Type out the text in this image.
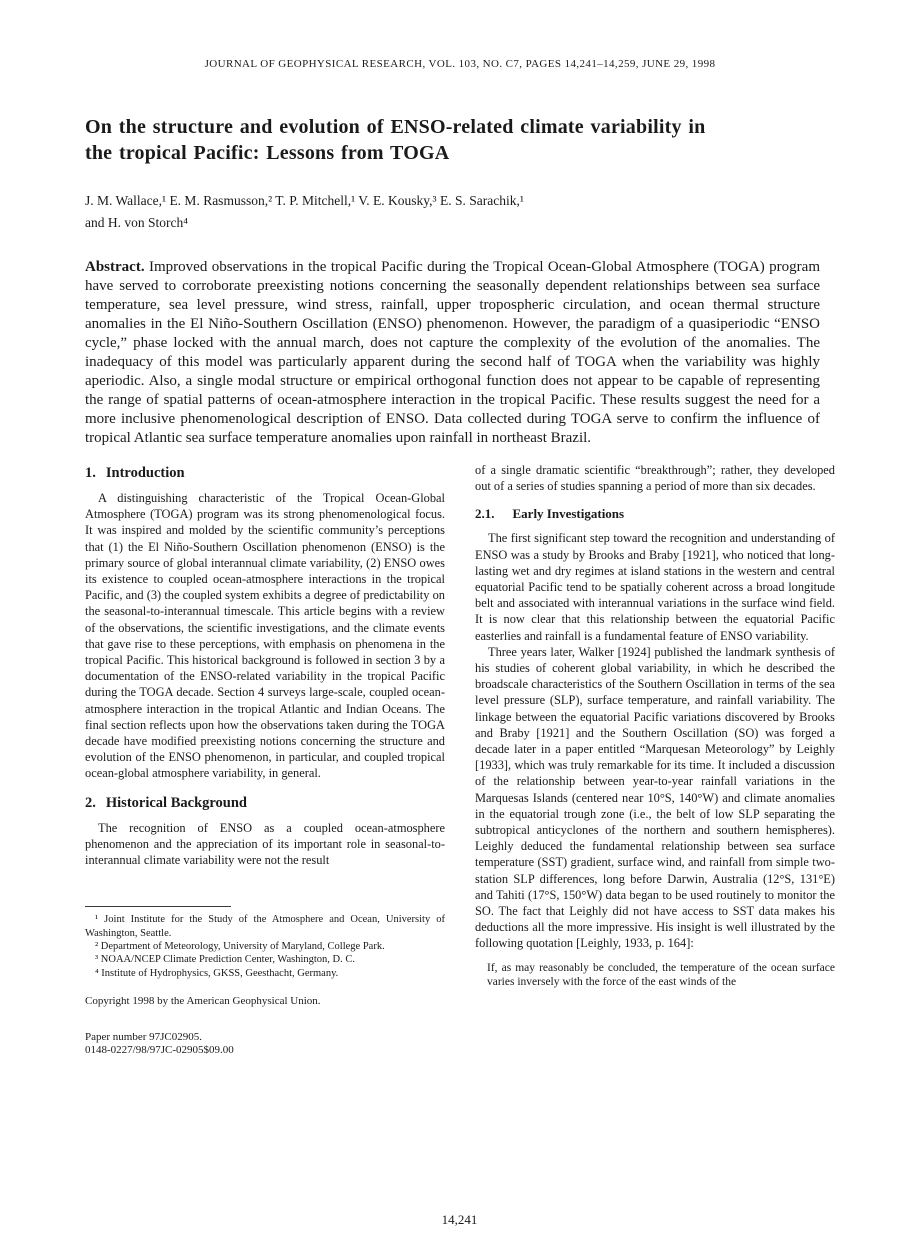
JOURNAL OF GEOPHYSICAL RESEARCH, VOL. 103, NO. C7, PAGES 14,241–14,259, JUNE 29, 1998
On the structure and evolution of ENSO-related climate variability in the tropical Pacific: Lessons from TOGA
J. M. Wallace,¹ E. M. Rasmusson,² T. P. Mitchell,¹ V. E. Kousky,³ E. S. Sarachik,¹
and H. von Storch⁴

Abstract. Improved observations in the tropical Pacific during the Tropical Ocean-Global Atmosphere (TOGA) program have served to corroborate preexisting notions concerning the seasonally dependent relationships between sea surface temperature, sea level pressure, wind stress, rainfall, upper tropospheric circulation, and ocean thermal structure anomalies in the El Niño-Southern Oscillation (ENSO) phenomenon. However, the paradigm of a quasiperiodic “ENSO cycle,” phase locked with the annual march, does not capture the complexity of the evolution of the anomalies. The inadequacy of this model was particularly apparent during the second half of TOGA when the variability was highly aperiodic. Also, a single modal structure or empirical orthogonal function does not appear to be capable of representing the range of spatial patterns of ocean-atmosphere interaction in the tropical Pacific. These results suggest the need for a more inclusive phenomenological description of ENSO. Data collected during TOGA serve to confirm the influence of tropical Atlantic sea surface temperature anomalies upon rainfall in northeast Brazil.

1. Introduction

A distinguishing characteristic of the Tropical Ocean-Global Atmosphere (TOGA) program was its strong phenomenological focus. It was inspired and molded by the scientific community’s perceptions that (1) the El Niño-Southern Oscillation phenomenon (ENSO) is the primary source of global interannual climate variability, (2) ENSO owes its existence to coupled ocean-atmosphere interactions in the tropical Pacific, and (3) the coupled system exhibits a degree of predictability on the seasonal-to-interannual timescale. This article begins with a review of the observations, the scientific investigations, and the climate events that gave rise to these perceptions, with emphasis on phenomena in the tropical Pacific. This historical background is followed in section 3 by a documentation of the ENSO-related variability in the tropical Pacific during the TOGA decade. Section 4 surveys large-scale, coupled ocean-atmosphere interaction in the tropical Atlantic and Indian Oceans. The final section reflects upon how the observations taken during the TOGA decade have modified preexisting notions concerning the structure and evolution of the ENSO phenomenon, in particular, and coupled tropical ocean-global atmosphere variability, in general.

2. Historical Background

The recognition of ENSO as a coupled ocean-atmosphere phenomenon and the appreciation of its important role in seasonal-to-interannual climate variability were not the result

¹ Joint Institute for the Study of the Atmosphere and Ocean, University of Washington, Seattle.

² Department of Meteorology, University of Maryland, College Park.

³ NOAA/NCEP Climate Prediction Center, Washington, D. C.

⁴ Institute of Hydrophysics, GKSS, Geesthacht, Germany.

Copyright 1998 by the American Geophysical Union.

Paper number 97JC02905.

0148-0227/98/97JC-02905$09.00

of a single dramatic scientific “breakthrough”; rather, they developed out of a series of studies spanning a period of more than six decades.

2.1. Early Investigations

The first significant step toward the recognition and understanding of ENSO was a study by Brooks and Braby [1921], who noticed that long-lasting wet and dry regimes at island stations in the western and central equatorial Pacific tend to be spatially coherent across a broad longitude belt and associated with interannual variations in the surface wind field. It is now clear that this relationship between the equatorial Pacific easterlies and rainfall is a fundamental feature of ENSO variability.

Three years later, Walker [1924] published the landmark synthesis of his studies of coherent global variability, in which he described the broadscale characteristics of the Southern Oscillation in terms of the sea level pressure (SLP), surface temperature, and rainfall variability. The linkage between the equatorial Pacific variations discovered by Brooks and Braby [1921] and the Southern Oscillation (SO) was forged a decade later in a paper entitled “Marquesan Meteorology” by Leighly [1933], which was truly remarkable for its time. It included a discussion of the relationship between year-to-year rainfall variations in the Marquesas Islands (centered near 10°S, 140°W) and climate anomalies in the equatorial trough zone (i.e., the belt of low SLP separating the subtropical anticyclones of the northern and southern hemispheres). Leighly deduced the fundamental relationship between sea surface temperature (SST) gradient, surface wind, and rainfall from simple two-station SLP differences, long before Darwin, Australia (12°S, 131°E) and Tahiti (17°S, 150°W) data began to be used routinely to monitor the SO. The fact that Leighly did not have access to SST data makes his deductions all the more impressive. His insight is well illustrated by the following quotation [Leighly, 1933, p. 164]:

If, as may reasonably be concluded, the temperature of the ocean surface varies inversely with the force of the east winds of the

14,241
